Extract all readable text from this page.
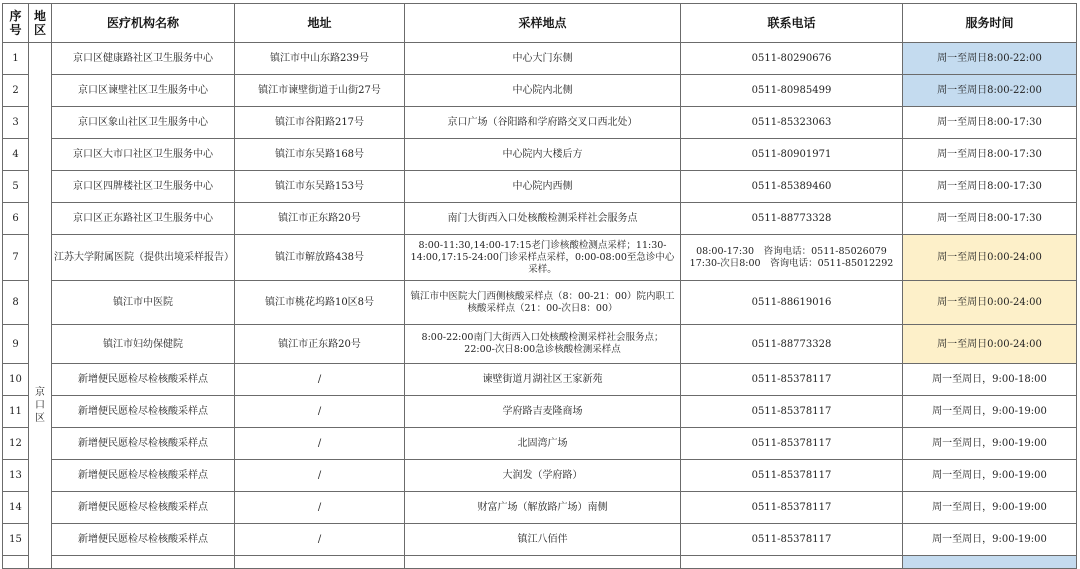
序号	地区	医疗机构名称	地址	采样地点	联系电话	服务时间
1	京口区	京口区健康路社区卫生服务中心	镇江市中山东路239号	中心大门东侧	0511-80290676	周一至周日8:00-22:00
2		京口区谏壁社区卫生服务中心	镇江市谏壁街道于山街27号	中心院内北侧	0511-80985499	周一至周日8:00-22:00
3		京口区象山社区卫生服务中心	镇江市谷阳路217号	京口广场（谷阳路和学府路交叉口西北处）	0511-85323063	周一至周日8:00-17:30
4		京口区大市口社区卫生服务中心	镇江市东吴路168号	中心院内大楼后方	0511-80901971	周一至周日8:00-17:30
5		京口区四牌楼社区卫生服务中心	镇江市东吴路153号	中心院内西侧	0511-85389460	周一至周日8:00-17:30
6		京口区正东路社区卫生服务中心	镇江市正东路20号	南门大街西入口处核酸检测采样社会服务点	0511-88773328	周一至周日8:00-17:30
7		江苏大学附属医院（提供出境采样报告）	镇江市解放路438号	8:00-11:30,14:00-17:15老门诊核酸检测点采样；11:30-14:00,17:15-24:00门诊采样点采样，0:00-08:00至急诊中心采样。	08:00-17:30　咨询电话：0511-85026079 17:30-次日8:00　咨询电话：0511-85012292	周一至周日0:00-24:00
8		镇江市中医院	镇江市桃花坞路10区8号	镇江市中医院大门西侧核酸采样点（8：00-21：00）院内职工核酸采样点（21：00-次日8：00）	0511-88619016	周一至周日0:00-24:00
9		镇江市妇幼保健院	镇江市正东路20号	8:00-22:00南门大街西入口处核酸检测采样社会服务点；22:00-次日8:00急诊核酸检测采样点	0511-88773328	周一至周日0:00-24:00
10		新增便民愿检尽检核酸采样点	/	谏壁街道月湖社区王家新苑	0511-85378117	周一至周日，9:00-18:00
11		新增便民愿检尽检核酸采样点	/	学府路吉麦隆商场	0511-85378117	周一至周日，9:00-19:00
12		新增便民愿检尽检核酸采样点	/	北固湾广场	0511-85378117	周一至周日，9:00-19:00
13		新增便民愿检尽检核酸采样点	/	大润发（学府路）	0511-85378117	周一至周日，9:00-19:00
14		新增便民愿检尽检核酸采样点	/	财富广场（解放路广场）南侧	0511-85378117	周一至周日，9:00-19:00
15		新增便民愿检尽检核酸采样点	/	镇江八佰伴	0511-85378117	周一至周日，9:00-19:00
